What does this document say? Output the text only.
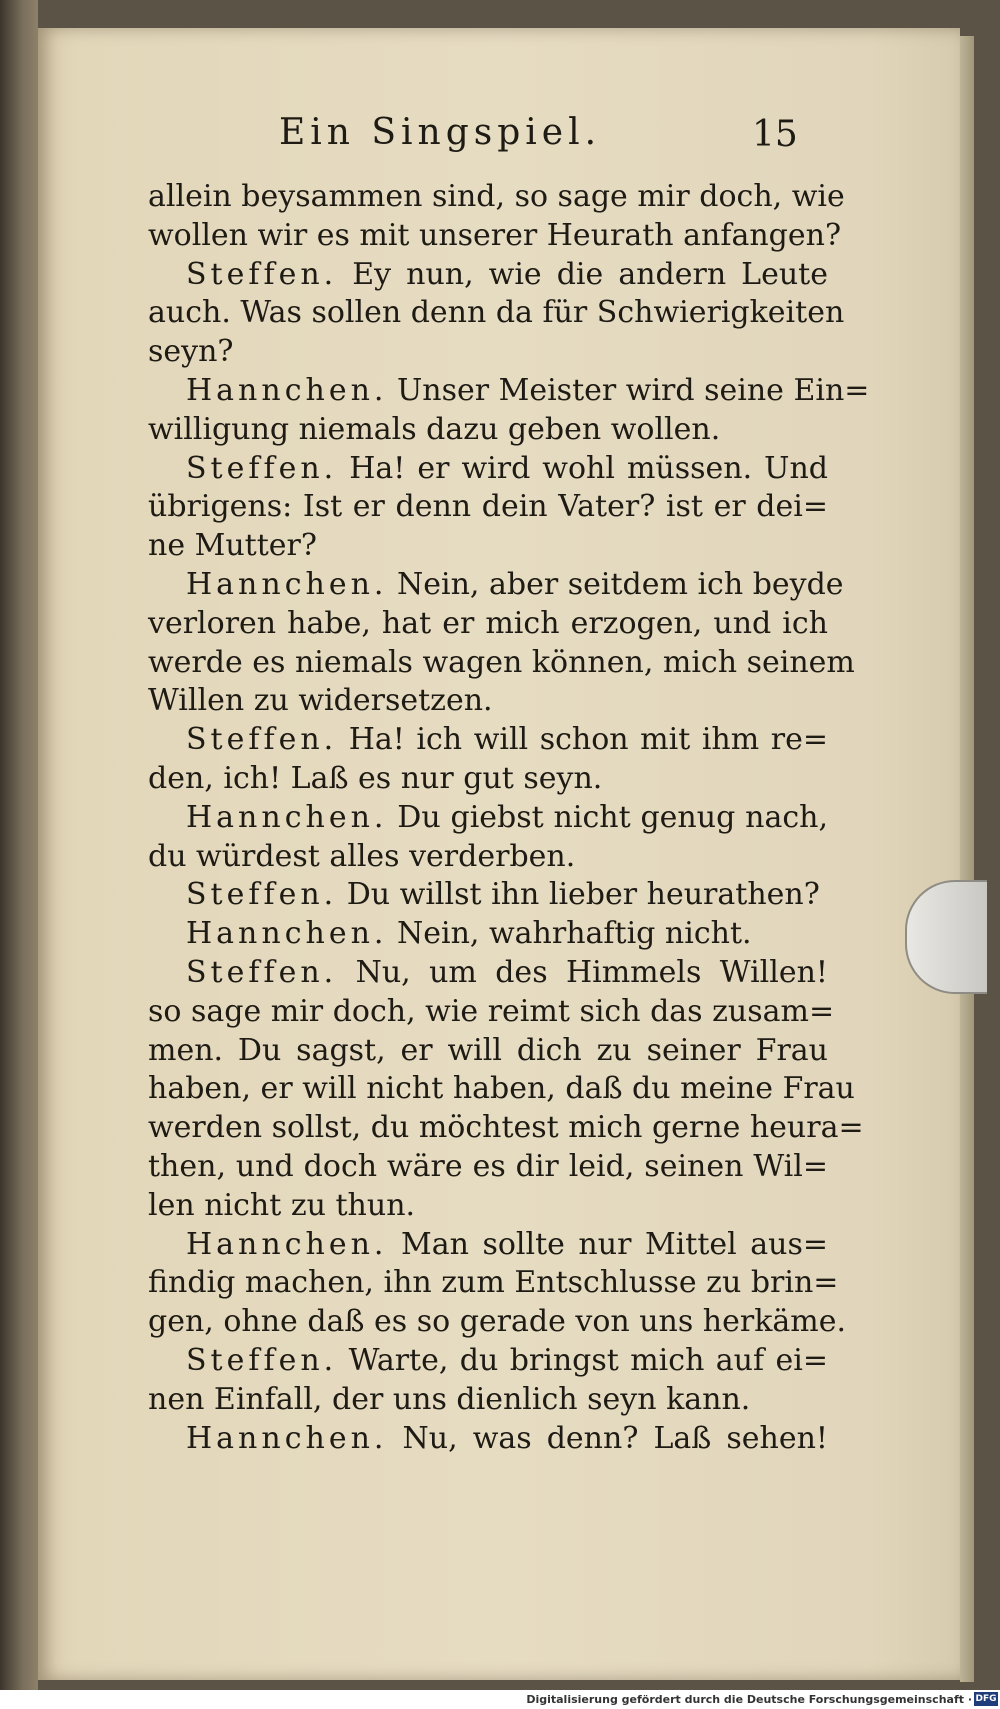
Ein Singspiel.	15
allein beysammen sind, so sage mir doch, wie
wollen wir es mit unserer Heurath anfangen?
Steffen. Ey nun, wie die andern Leute
auch. Was sollen denn da für Schwierigkeiten
seyn?
Hannchen. Unser Meister wird seine Ein=
willigung niemals dazu geben wollen.
Steffen. Ha! er wird wohl müssen. Und
übrigens: Ist er denn dein Vater? ist er dei=
ne Mutter?
Hannchen. Nein, aber seitdem ich beyde
verloren habe, hat er mich erzogen, und ich
werde es niemals wagen können, mich seinem
Willen zu widersetzen.
Steffen. Ha! ich will schon mit ihm re=
den, ich! Laß es nur gut seyn.
Hannchen. Du giebst nicht genug nach,
du würdest alles verderben.
Steffen. Du willst ihn lieber heurathen?
Hannchen. Nein, wahrhaftig nicht.
Steffen. Nu, um des Himmels Willen!
so sage mir doch, wie reimt sich das zusam=
men. Du sagst, er will dich zu seiner Frau
haben, er will nicht haben, daß du meine Frau
werden sollst, du möchtest mich gerne heura=
then, und doch wäre es dir leid, seinen Wil=
len nicht zu thun.
Hannchen. Man sollte nur Mittel aus=
findig machen, ihn zum Entschlusse zu brin=
gen, ohne daß es so gerade von uns herkäme.
Steffen. Warte, du bringst mich auf ei=
nen Einfall, der uns dienlich seyn kann.
Hannchen. Nu, was denn? Laß sehen!
Digitalisierung gefördert durch die Deutsche Forschungsgemeinschaft · DFG
